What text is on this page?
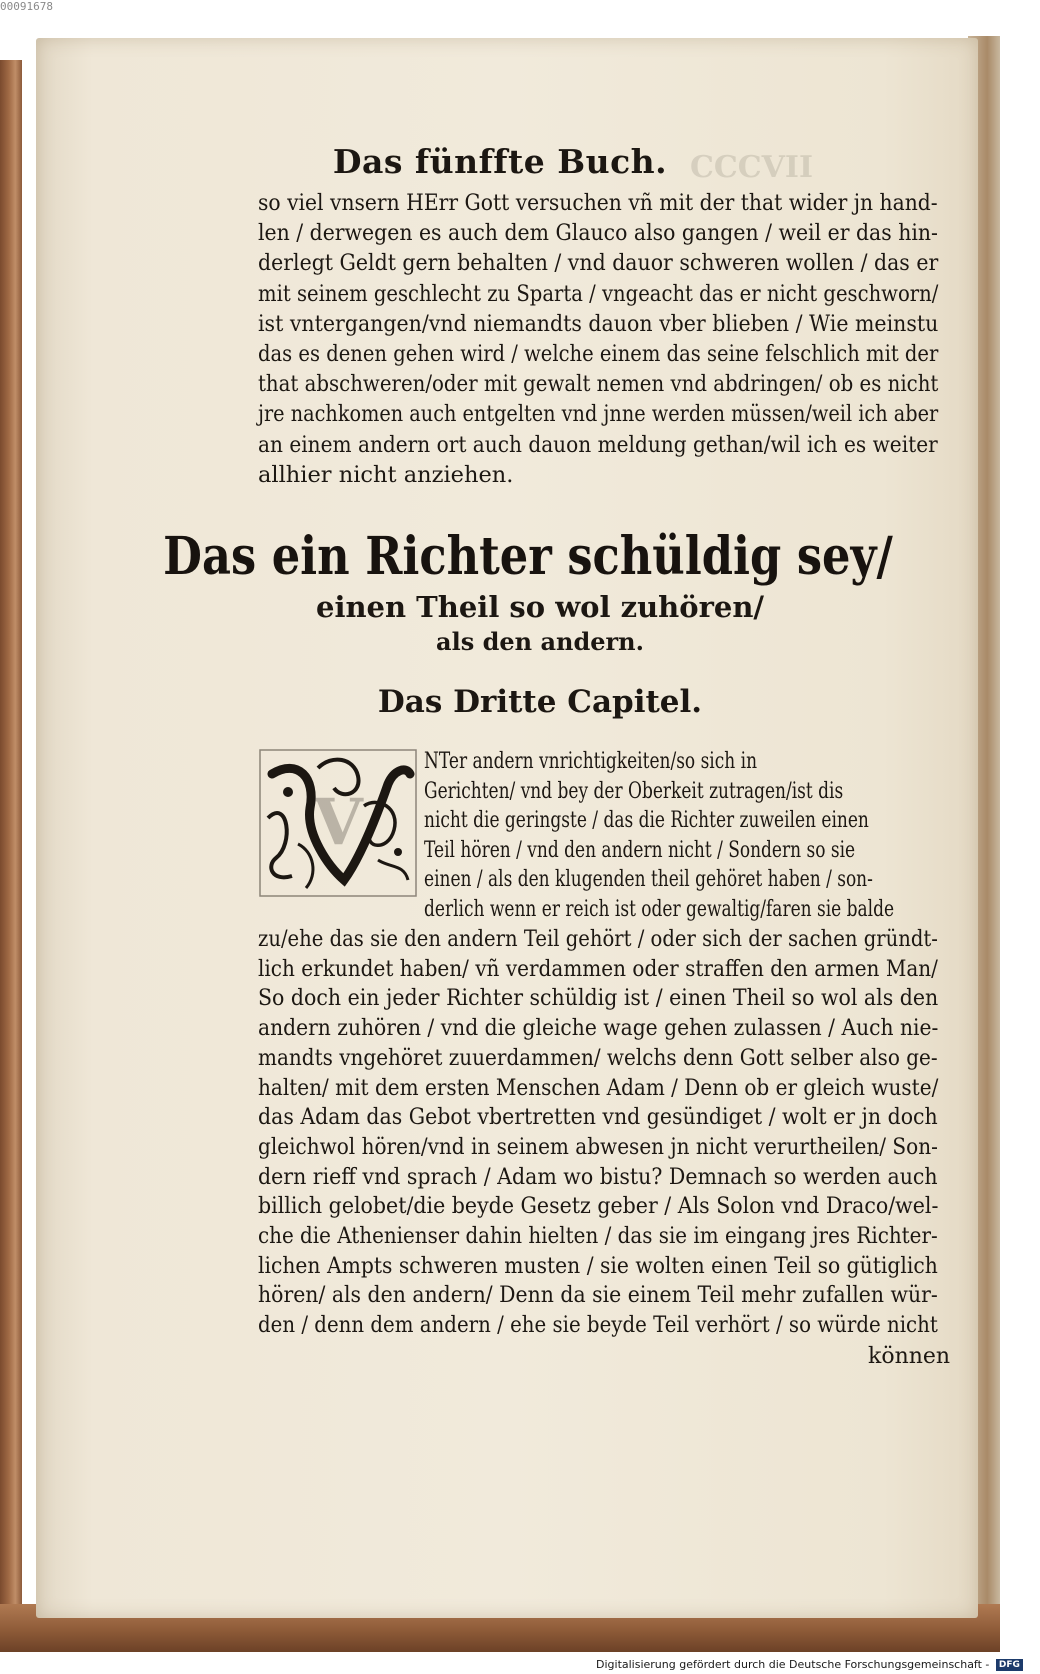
00091678
CCCVII
Das fünffte Buch.
so viel vnsern HErr Gott versuchen vñ mit der that wider jn hand-
len / derwegen es auch dem Glauco also gangen / weil er das hin-
derlegt Geldt gern behalten / vnd dauor schweren wollen / das er
mit seinem geschlecht zu Sparta / vngeacht das er nicht geschworn/
ist vntergangen/vnd niemandts dauon vber blieben / Wie meinstu
das es denen gehen wird / welche einem das seine felschlich mit der
that abschweren/oder mit gewalt nemen vnd abdringen/ ob es nicht
jre nachkomen auch entgelten vnd jnne werden müssen/weil ich aber
an einem andern ort auch dauon meldung gethan/wil ich es weiter
allhier nicht anziehen.
Das ein Richter schüldig sey/
einen Theil so wol zuhören/
als den andern.
Das Dritte Capitel.
V
NTer andern vnrichtigkeiten/so sich in
Gerichten/ vnd bey der Oberkeit zutragen/ist dis
nicht die geringste / das die Richter zuweilen einen
Teil hören / vnd den andern nicht / Sondern so sie
einen / als den klugenden theil gehöret haben / son-
derlich wenn er reich ist oder gewaltig/faren sie balde
zu/ehe das sie den andern Teil gehört / oder sich der sachen gründt-
lich erkundet haben/ vñ verdammen oder straffen den armen Man/
So doch ein jeder Richter schüldig ist / einen Theil so wol als den
andern zuhören / vnd die gleiche wage gehen zulassen / Auch nie-
mandts vngehöret zuuerdammen/ welchs denn Gott selber also ge-
halten/ mit dem ersten Menschen Adam / Denn ob er gleich wuste/
das Adam das Gebot vbertretten vnd gesündiget / wolt er jn doch
gleichwol hören/vnd in seinem abwesen jn nicht verurtheilen/ Son-
dern rieff vnd sprach / Adam wo bistu? Demnach so werden auch
billich gelobet/die beyde Gesetz geber / Als Solon vnd Draco/wel-
che die Athenienser dahin hielten / das sie im eingang jres Richter-
lichen Ampts schweren musten / sie wolten einen Teil so gütiglich
hören/ als den andern/ Denn da sie einem Teil mehr zufallen wür-
den / denn dem andern / ehe sie beyde Teil verhört / so würde nicht
können
Digitalisierung gefördert durch die Deutsche Forschungsgemeinschaft - DFG
